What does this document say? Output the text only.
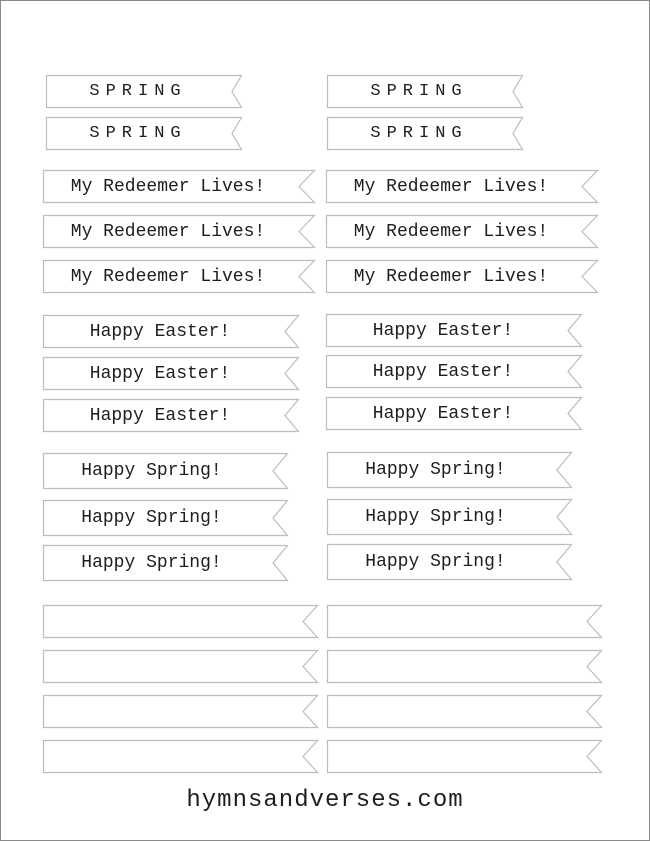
SPRING
SPRING
SPRING
SPRING
My Redeemer Lives!
My Redeemer Lives!
My Redeemer Lives!
My Redeemer Lives!
My Redeemer Lives!
My Redeemer Lives!
Happy Easter!
Happy Easter!
Happy Easter!
Happy Easter!
Happy Easter!
Happy Easter!
Happy Spring!
Happy Spring!
Happy Spring!
Happy Spring!
Happy Spring!
Happy Spring!
hymnsandverses.com
